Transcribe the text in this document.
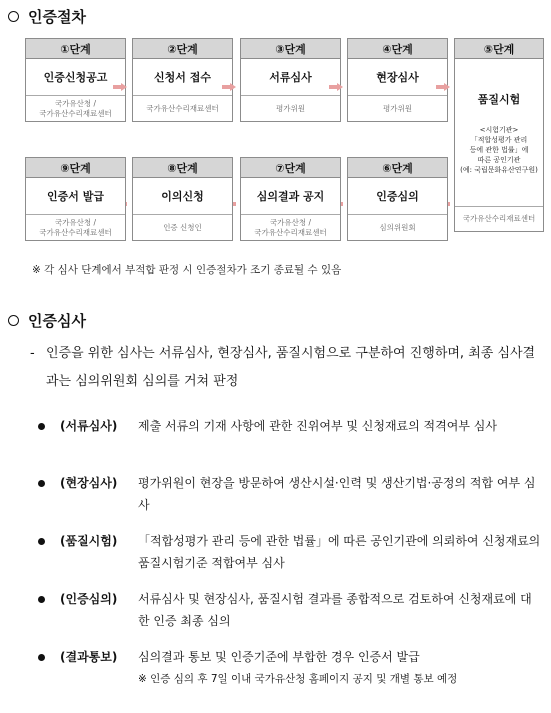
인증절차
①단계
인증신청공고
국가유산청 /
국가유산수리재료센터
②단계
신청서 접수
국가유산수리재료센터
③단계
서류심사
평가위원
④단계
현장심사
평가위원
⑤단계
품질시험
<시험기관>
「적합성평가 관리
등에 관한 법률」에
따른 공인기관
(예: 국립문화유산연구원)
국가유산수리재료센터
⑥단계
인증심의
심의위원회
⑦단계
심의결과 공지
국가유산청 /
국가유산수리재료센터
⑧단계
이의신청
인증 신청인
⑨단계
인증서 발급
국가유산청 /
국가유산수리재료센터
※ 각 심사 단계에서 부적합 판정 시 인증절차가 조기 종료될 수 있음
인증심사
- 인증을 위한 심사는 서류심사, 현장심사, 품질시험으로 구분하여 진행하며, 최종 심사결과는 심의위원회 심의를 거쳐 판정
(서류심사) 제출 서류의 기재 사항에 관한 진위여부 및 신청재료의 적격여부 심사
(현장심사) 평가위원이 현장을 방문하여 생산시설·인력 및 생산기법·공정의 적합 여부 심사
(품질시험) 「적합성평가 관리 등에 관한 법률」에 따른 공인기관에 의뢰하여 신청재료의 품질시험기준 적합여부 심사
(인증심의) 서류심사 및 현장심사, 품질시험 결과를 종합적으로 검토하여 신청재료에 대한 인증 최종 심의
(결과통보) 심의결과 통보 및 인증기준에 부합한 경우 인증서 발급
※ 인증 심의 후 7일 이내 국가유산청 홈페이지 공지 및 개별 통보 예정
